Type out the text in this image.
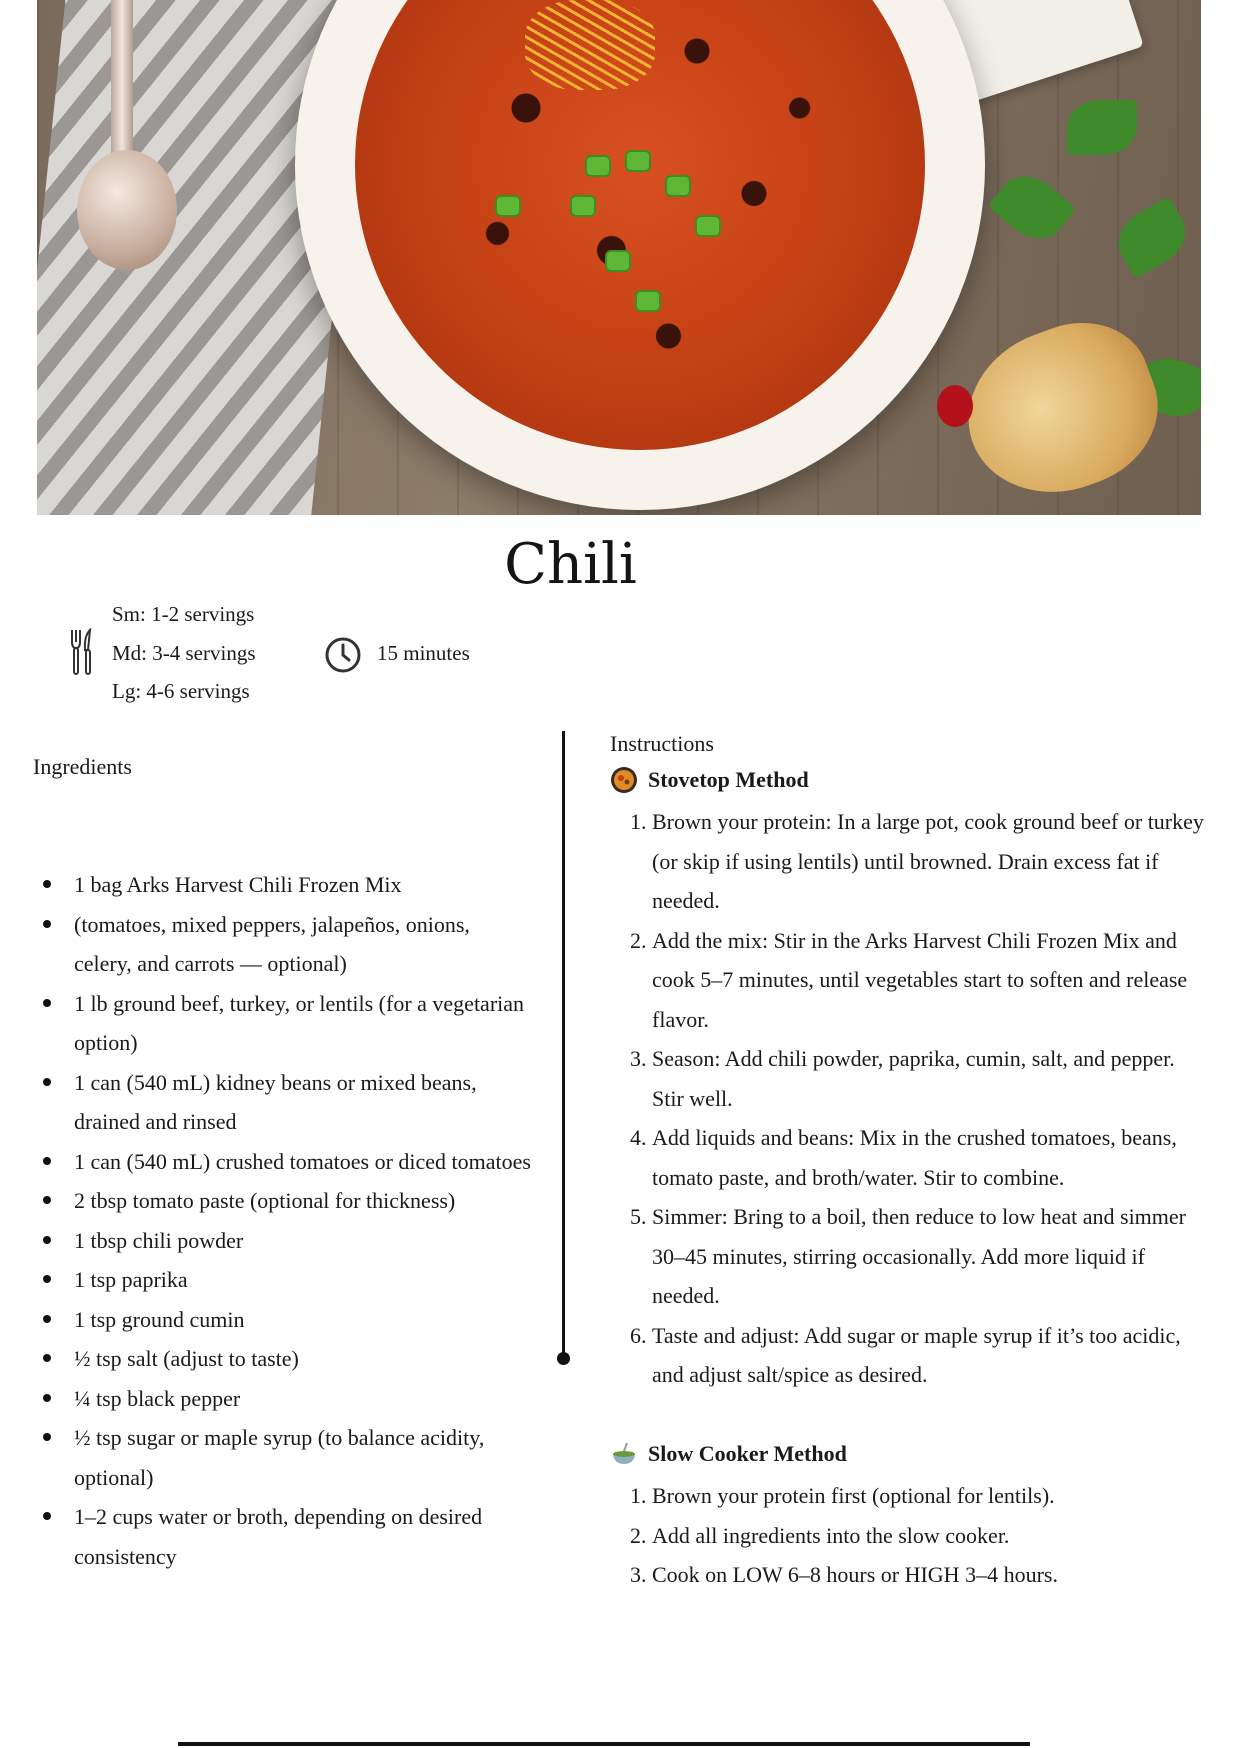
Chili
Sm: 1-2 servings
Md: 3-4 servings
Lg: 4-6 servings
15 minutes
Ingredients
1 bag Arks Harvest Chili Frozen Mix
(tomatoes, mixed peppers, jalapeños, onions, celery, and carrots — optional)
1 lb ground beef, turkey, or lentils (for a vegetarian option)
1 can (540 mL) kidney beans or mixed beans, drained and rinsed
1 can (540 mL) crushed tomatoes or diced tomatoes
2 tbsp tomato paste (optional for thickness)
1 tbsp chili powder
1 tsp paprika
1 tsp ground cumin
½ tsp salt (adjust to taste)
¼ tsp black pepper
½ tsp sugar or maple syrup (to balance acidity, optional)
1–2 cups water or broth, depending on desired consistency
Instructions
Stovetop Method
1. Brown your protein: In a large pot, cook ground beef or turkey (or skip if using lentils) until browned. Drain excess fat if needed.
2. Add the mix: Stir in the Arks Harvest Chili Frozen Mix and cook 5–7 minutes, until vegetables start to soften and release flavor.
3. Season: Add chili powder, paprika, cumin, salt, and pepper. Stir well.
4. Add liquids and beans: Mix in the crushed tomatoes, beans, tomato paste, and broth/water. Stir to combine.
5. Simmer: Bring to a boil, then reduce to low heat and simmer 30–45 minutes, stirring occasionally. Add more liquid if needed.
6. Taste and adjust: Add sugar or maple syrup if it’s too acidic, and adjust salt/spice as desired.
Slow Cooker Method
1. Brown your protein first (optional for lentils).
2. Add all ingredients into the slow cooker.
3. Cook on LOW 6–8 hours or HIGH 3–4 hours.
